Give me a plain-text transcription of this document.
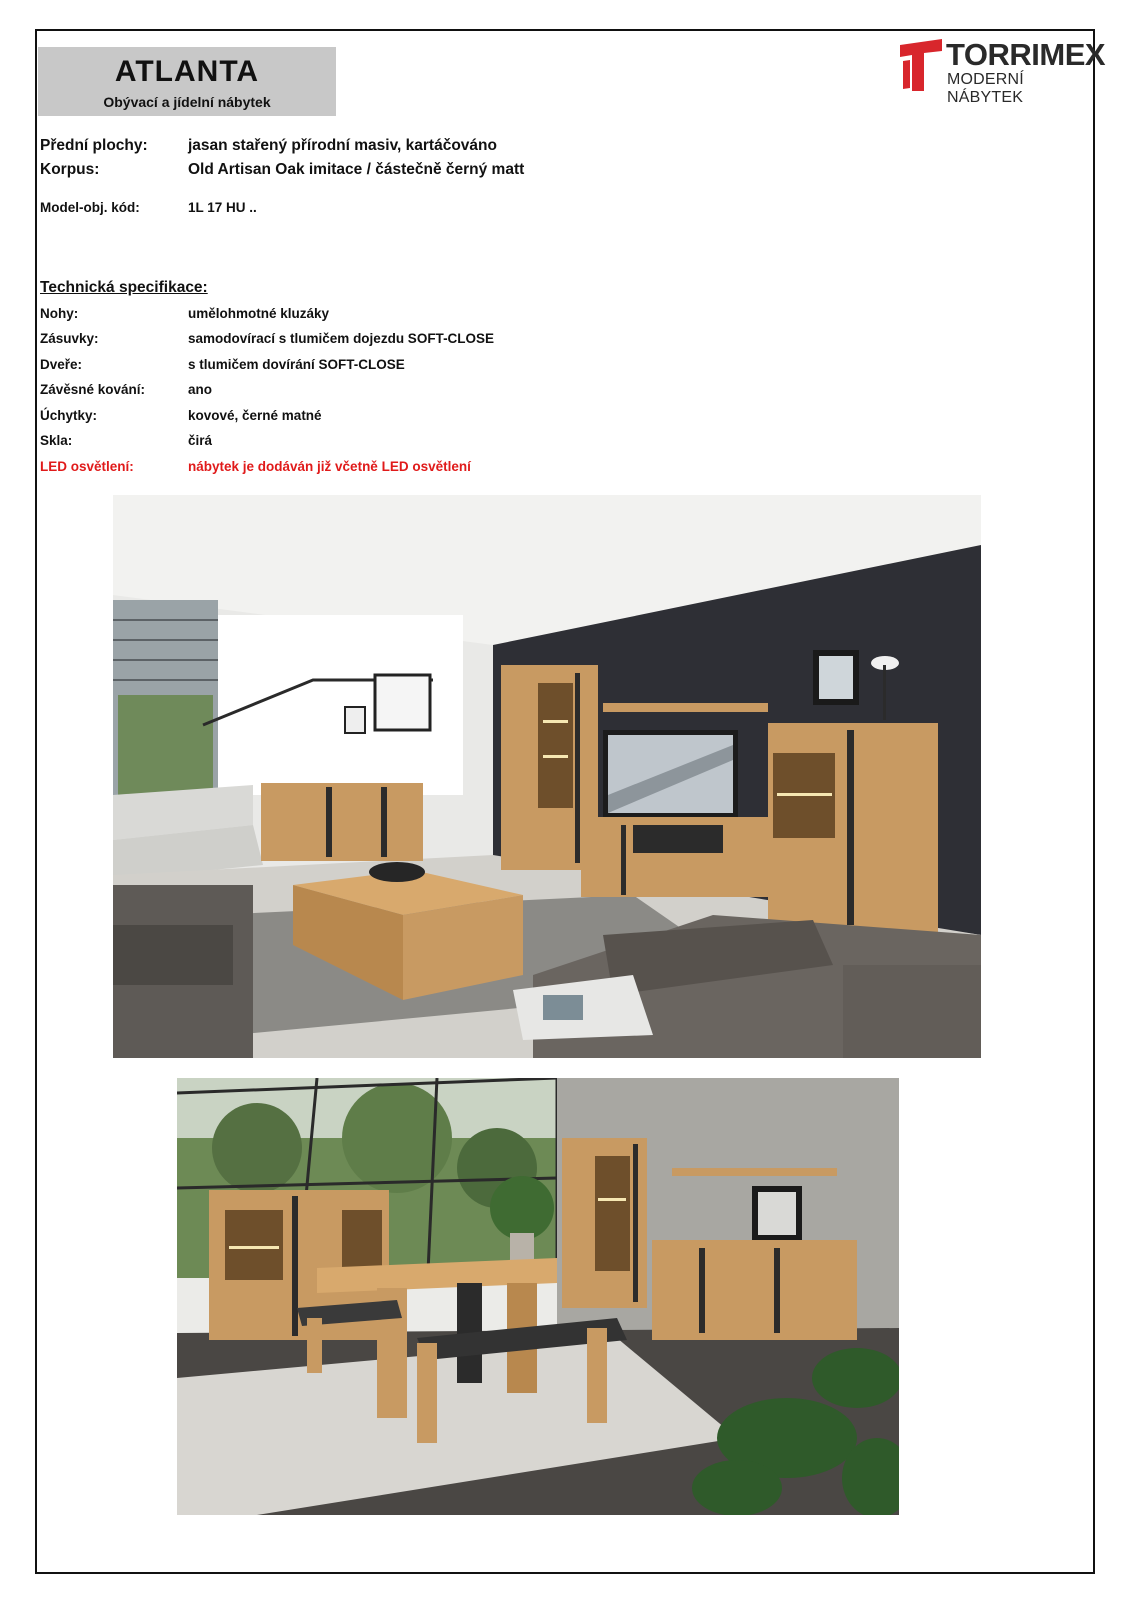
ATLANTA
Obývací a jídelní nábytek
TORRIMEX
MODERNÍ NÁBYTEK
Přední plochy:	jasan stařený přírodní masiv, kartáčováno
Korpus:	Old Artisan Oak imitace / částečně černý matt
Model-obj. kód:	1L 17 HU ..
Technická specifikace:
Nohy:	umělohmotné kluzáky
Zásuvky:	samodovírací s tlumičem dojezdu SOFT-CLOSE
Dveře:	s tlumičem dovírání SOFT-CLOSE
Závěsné kování:	ano
Úchytky:	kovové, černé matné
Skla:	čirá
LED osvětlení:	nábytek je dodáván již včetně LED osvětlení
